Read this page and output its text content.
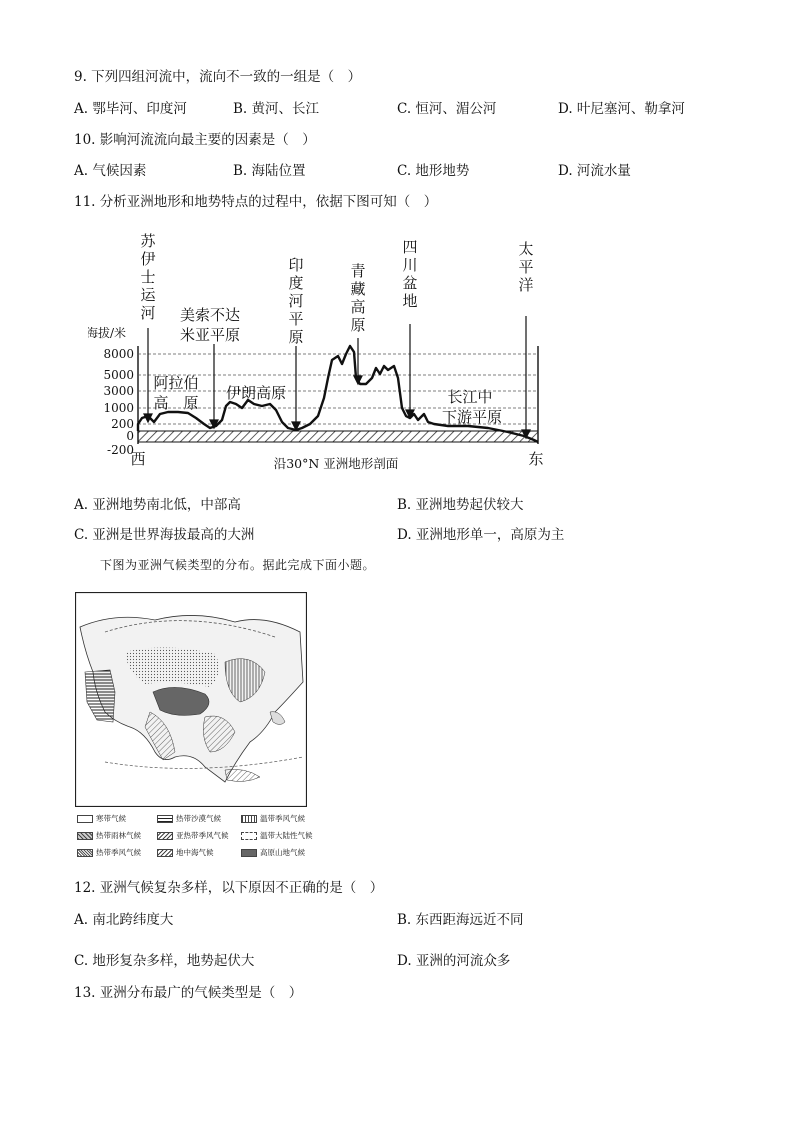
9. 下列四组河流中，流向不一致的一组是（　）
A. 鄂毕河、印度河	B. 黄河、长江	C. 恒河、湄公河	D. 叶尼塞河、勒拿河
10. 影响河流流向最主要的因素是（　）
A. 气候因素	B. 海陆位置	C. 地形地势	D. 河流水量
11. 分析亚洲地形和地势特点的过程中，依据下图可知（　）
海拔/米
8000
5000
3000
1000
200
0
-200
苏
伊
士
运
河 美索不达
米亚平原
阿拉伯
高　原
伊朗高原
印
度
河
平
原
青
藏
高
原
四
川
盆
地
太
平
洋
长江中
下游平原
西	东
沿30°N 亚洲地形剖面
A. 亚洲地势南北低，中部高	B. 亚洲地势起伏较大
C. 亚洲是世界海拔最高的大洲	D. 亚洲地形单一，高原为主
下图为亚洲气候类型的分布。据此完成下面小题。
寒带气候	热带沙漠气候	温带季风气候
热带雨林气候	亚热带季风气候	温带大陆性气候
热带季风气候	地中海气候	高原山地气候
12. 亚洲气候复杂多样，以下原因不正确的是（　）
A. 南北跨纬度大	B. 东西距海远近不同
C. 地形复杂多样，地势起伏大	D. 亚洲的河流众多
13. 亚洲分布最广的气候类型是（　）
